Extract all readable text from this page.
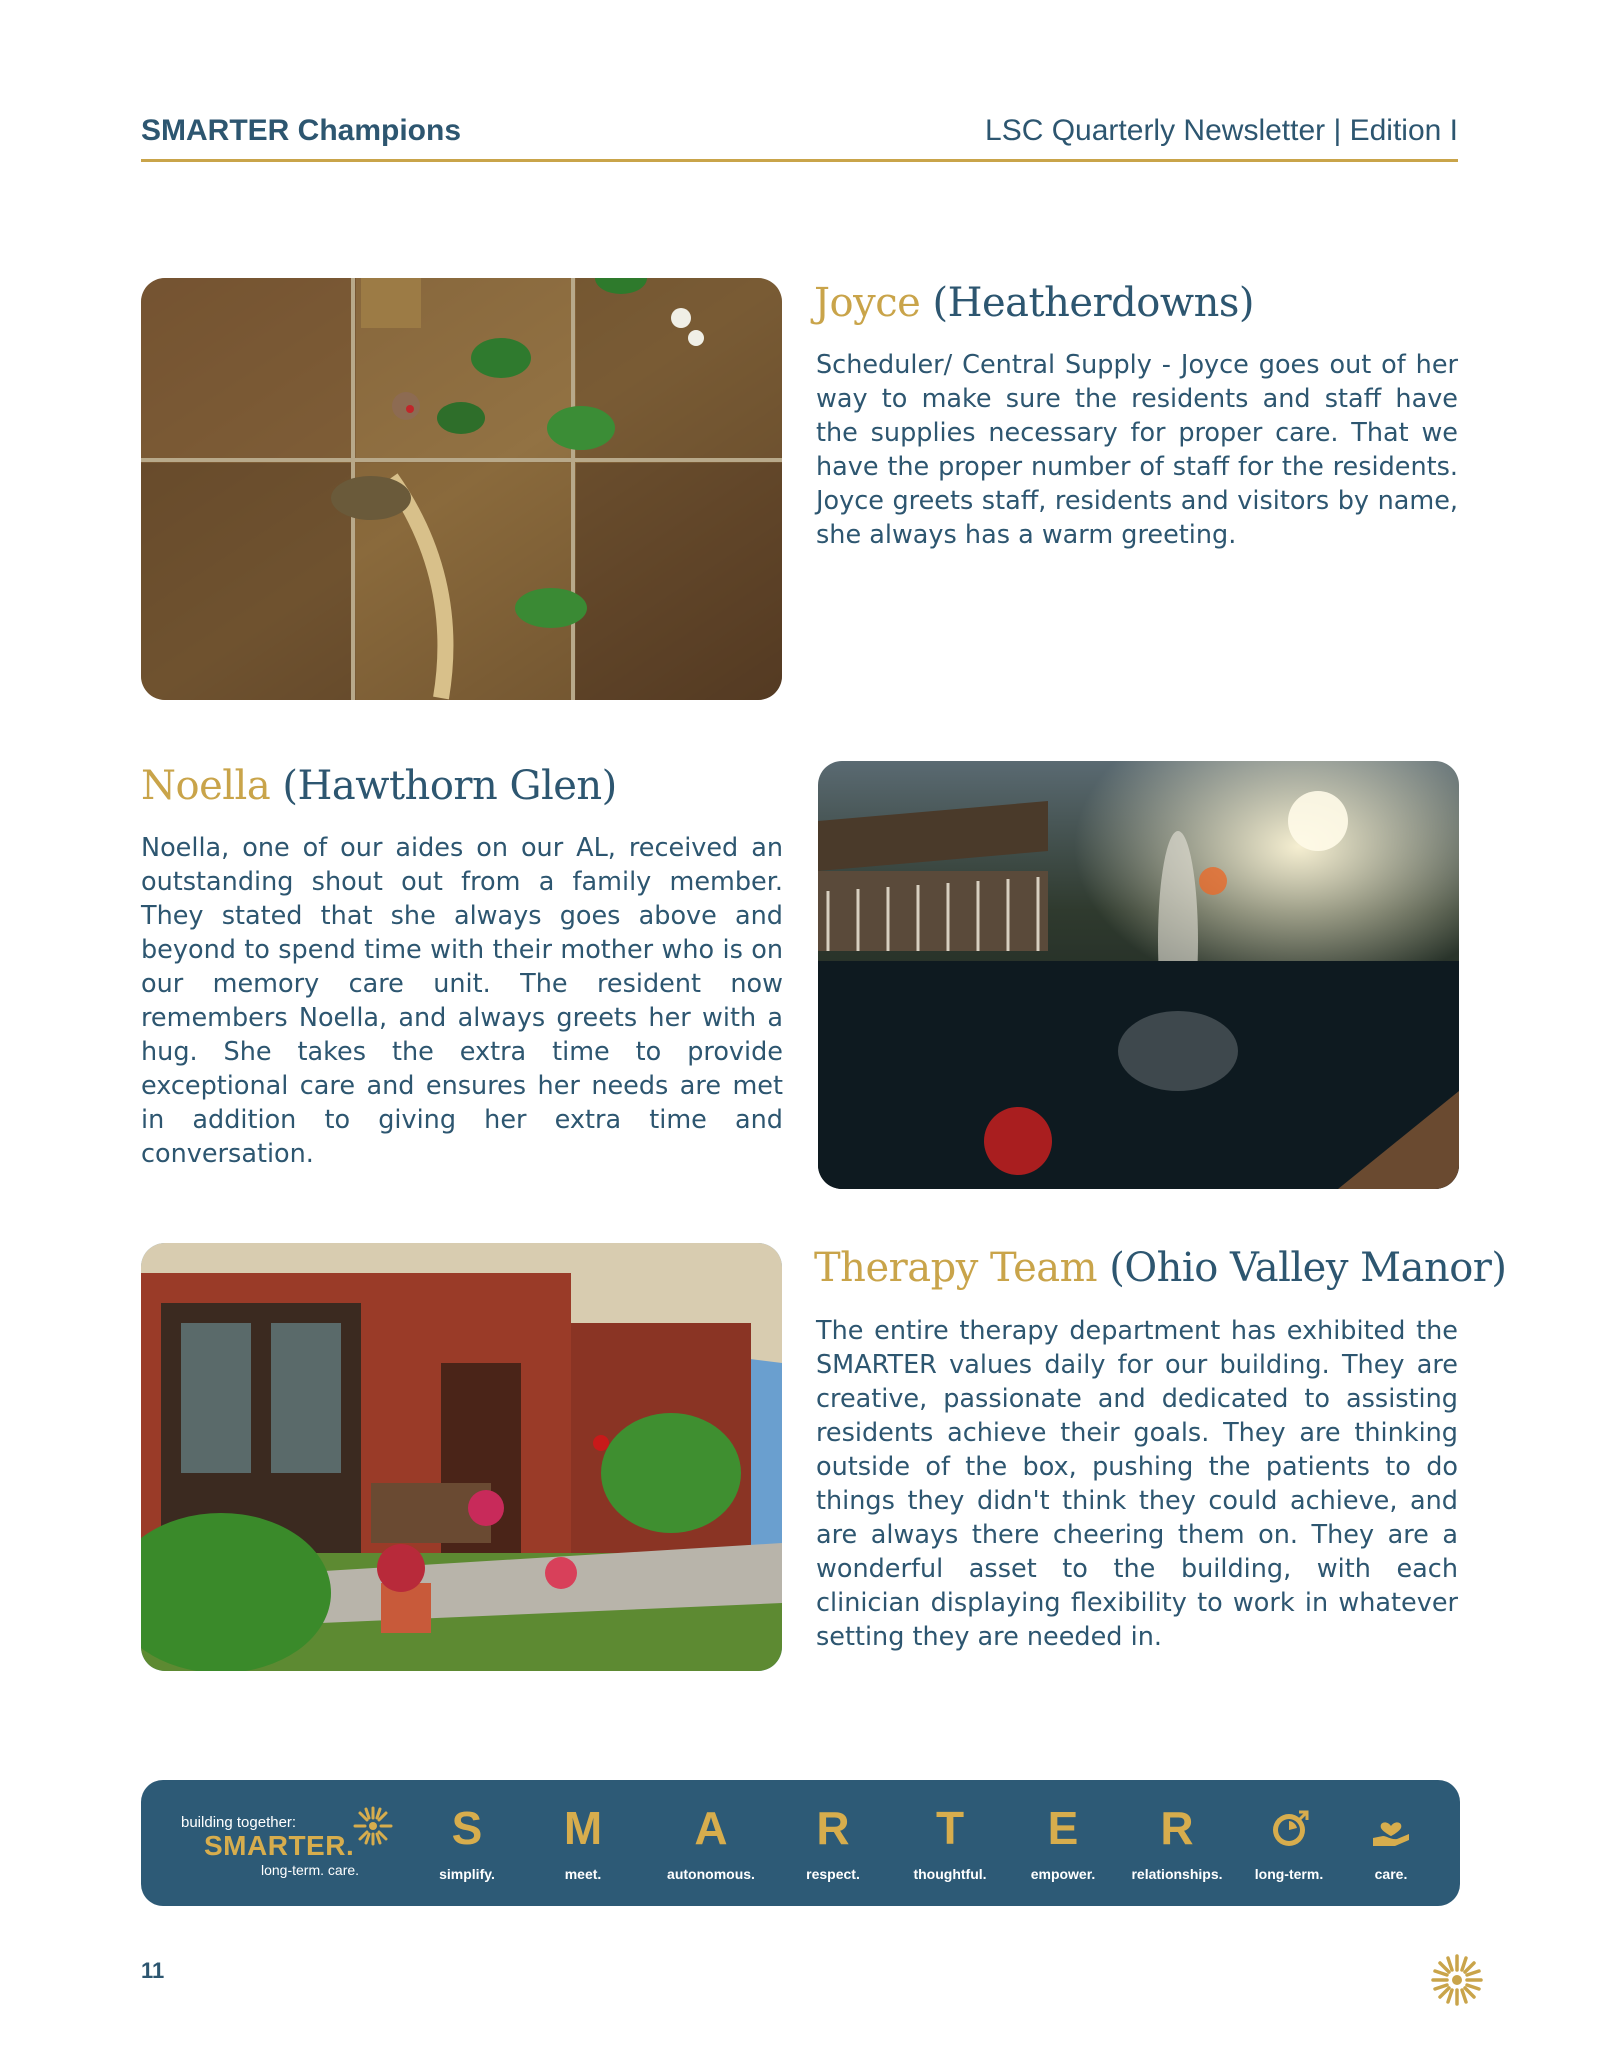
SMARTER Champions	LSC Quarterly Newsletter | Edition I
Joyce (Heatherdowns)
Scheduler/ Central Supply - Joyce goes out of her way to make sure the residents and staff have the supplies necessary for proper care. That we have the proper number of staff for the residents. Joyce greets staff, residents and visitors by name, she always has a warm greeting.
Noella (Hawthorn Glen)
Noella, one of our aides on our AL, received an outstanding shout out from a family member. They stated that she always goes above and beyond to spend time with their mother who is on our memory care unit. The resident now remembers Noella, and always greets her with a hug. She takes the extra time to provide exceptional care and ensures her needs are met in addition to giving her extra time and conversation.
Therapy Team (Ohio Valley Manor)
The entire therapy department has exhibited the SMARTER values daily for our building. They are creative, passionate and dedicated to assisting residents achieve their goals. They are thinking outside of the box, pushing the patients to do things they didn't think they could achieve, and are always there cheering them on. They are a wonderful asset to the building, with each clinician displaying flexibility to work in whatever setting they are needed in.
building together:
SMARTER.
long-term. care.
S
simplify.
M
meet.
A
autonomous.
R
respect.
T
thoughtful.
E
empower.
R
relationships.	long-term.	care.
11
